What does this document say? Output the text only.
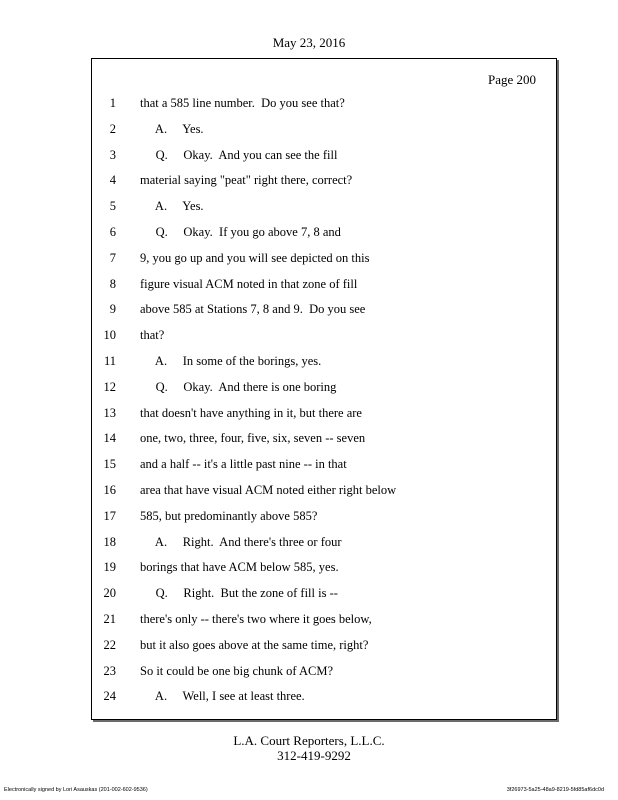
May 23, 2016
Page 200
1 that a 585 line number.  Do you see that?
2 A.     Yes.
3 Q.     Okay.  And you can see the fill
4 material saying "peat" right there, correct?
5 A.     Yes.
6 Q.     Okay.  If you go above 7, 8 and
7 9, you go up and you will see depicted on this
8 figure visual ACM noted in that zone of fill
9 above 585 at Stations 7, 8 and 9.  Do you see
10 that?
11 A.     In some of the borings, yes.
12 Q.     Okay.  And there is one boring
13 that doesn't have anything in it, but there are
14 one, two, three, four, five, six, seven -- seven
15 and a half -- it's a little past nine -- in that
16 area that have visual ACM noted either right below
17 585, but predominantly above 585?
18 A.     Right.  And there's three or four
19 borings that have ACM below 585, yes.
20 Q.     Right.  But the zone of fill is --
21 there's only -- there's two where it goes below,
22 but it also goes above at the same time, right?
23 So it could be one big chunk of ACM?
24 A.     Well, I see at least three.
L.A. Court Reporters, L.L.C.
312-419-9292
Electronically signed by Lori Asauskas (201-002-602-9536)	3f26973-5a25-48a9-8219-5fd85af6dc0d
